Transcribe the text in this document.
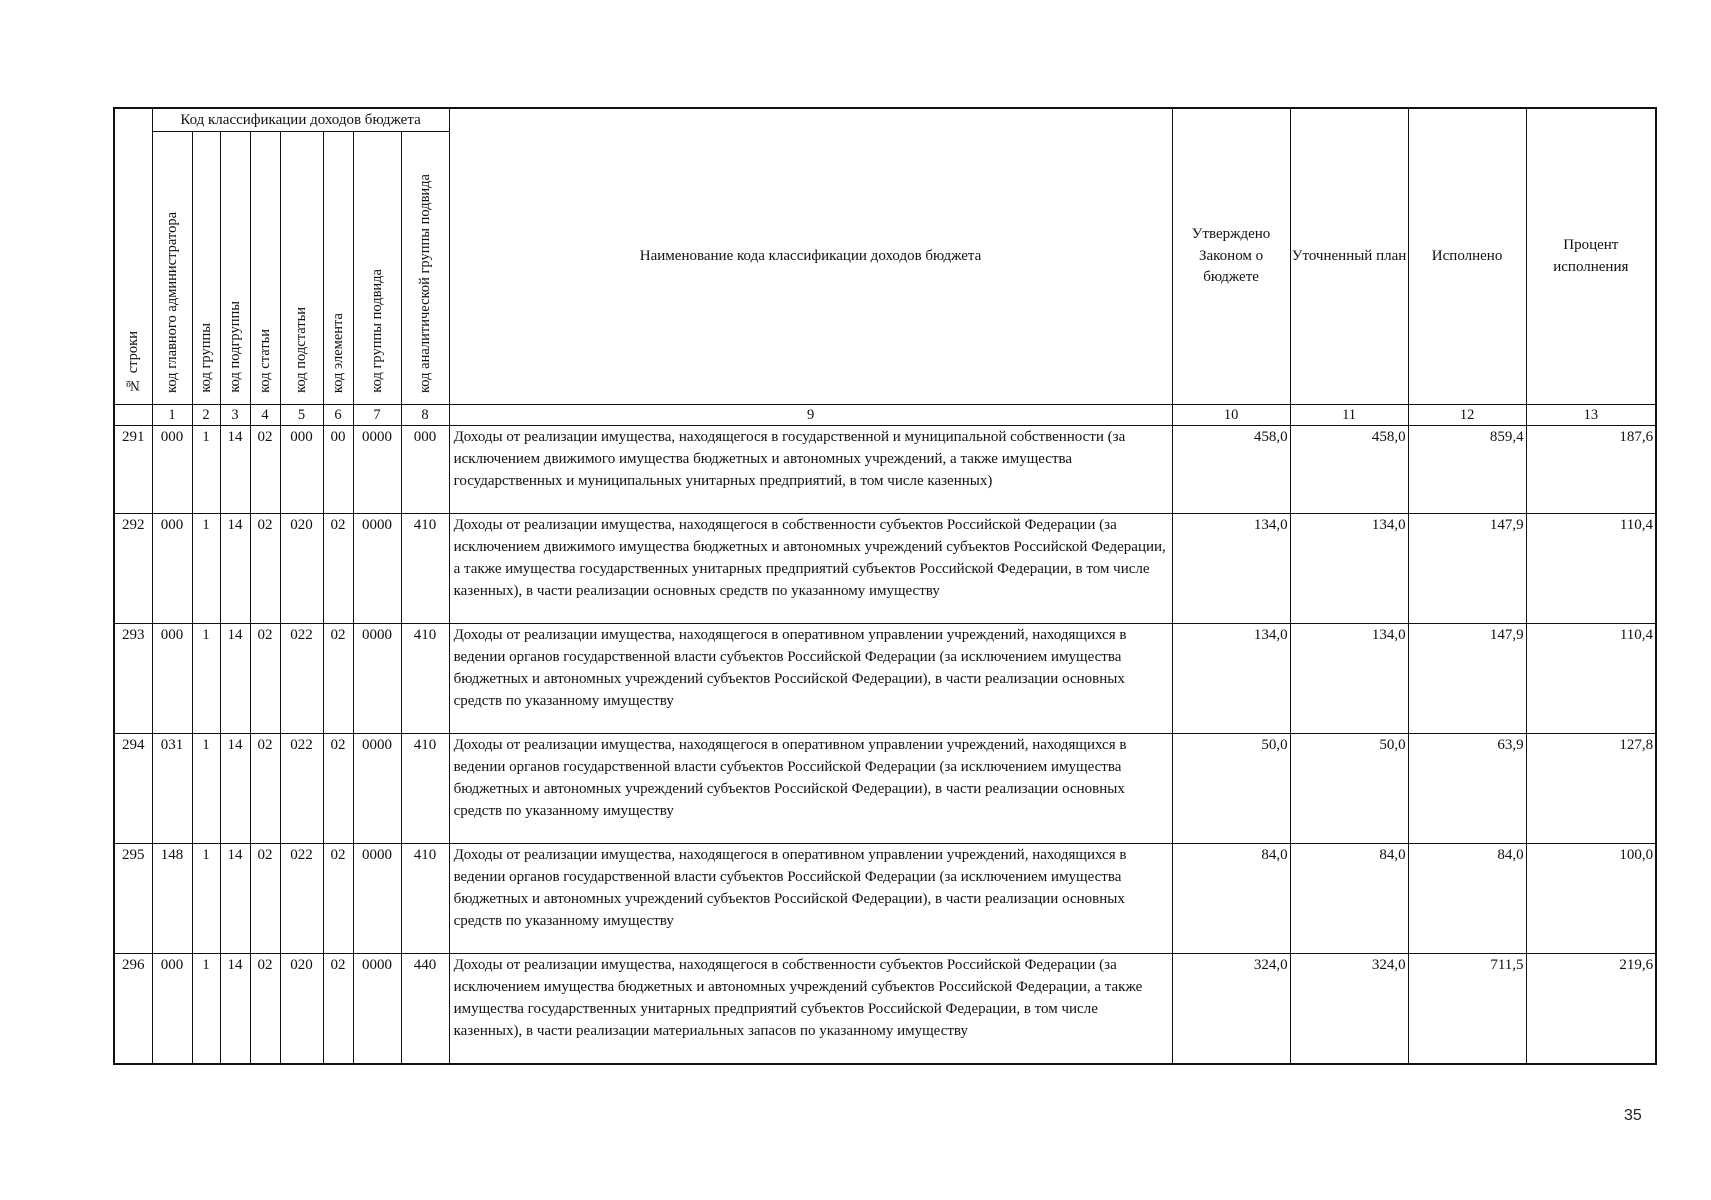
№ строки	Код классификации доходов бюджета								Наименование кода классификации доходов бюджета	Утверждено Законом о бюджете	Уточненный план	Исполнено	Процент исполнения
	код главного администратора	код группы	код подгруппы	код статьи	код подстатьи	код элемента	код группы подвида	код аналитической группы подвида					
	1	2	3	4	5	6	7	8	9	10	11	12	13
291	000	1	14	02	000	00	0000	000	Доходы от реализации имущества, находящегося в государственной и муниципальной собственности (за исключением движимого имущества бюджетных и автономных учреждений, а также имущества государственных и муниципальных унитарных предприятий, в том числе казенных)	458,0	458,0	859,4	187,6
292	000	1	14	02	020	02	0000	410	Доходы от реализации имущества, находящегося в собственности субъектов Российской Федерации (за исключением движимого имущества бюджетных и автономных учреждений субъектов Российской Федерации, а также имущества государственных унитарных предприятий субъектов Российской Федерации, в том числе казенных), в части реализации основных средств по указанному имуществу	134,0	134,0	147,9	110,4
293	000	1	14	02	022	02	0000	410	Доходы от реализации имущества, находящегося в оперативном управлении учреждений, находящихся в ведении органов государственной власти субъектов Российской Федерации (за исключением имущества бюджетных и автономных учреждений субъектов Российской Федерации), в части реализации основных средств по указанному имуществу	134,0	134,0	147,9	110,4
294	031	1	14	02	022	02	0000	410	Доходы от реализации имущества, находящегося в оперативном управлении учреждений, находящихся в ведении органов государственной власти субъектов Российской Федерации (за исключением имущества бюджетных и автономных учреждений субъектов Российской Федерации), в части реализации основных средств по указанному имуществу	50,0	50,0	63,9	127,8
295	148	1	14	02	022	02	0000	410	Доходы от реализации имущества, находящегося в оперативном управлении учреждений, находящихся в ведении органов государственной власти субъектов Российской Федерации (за исключением имущества бюджетных и автономных учреждений субъектов Российской Федерации), в части реализации основных средств по указанному имуществу	84,0	84,0	84,0	100,0
296	000	1	14	02	020	02	0000	440	Доходы от реализации имущества, находящегося в собственности субъектов Российской Федерации (за исключением имущества бюджетных и автономных учреждений субъектов Российской Федерации, а также имущества государственных унитарных предприятий субъектов Российской Федерации, в том числе казенных), в части реализации материальных запасов по указанному имуществу	324,0	324,0	711,5	219,6
35
